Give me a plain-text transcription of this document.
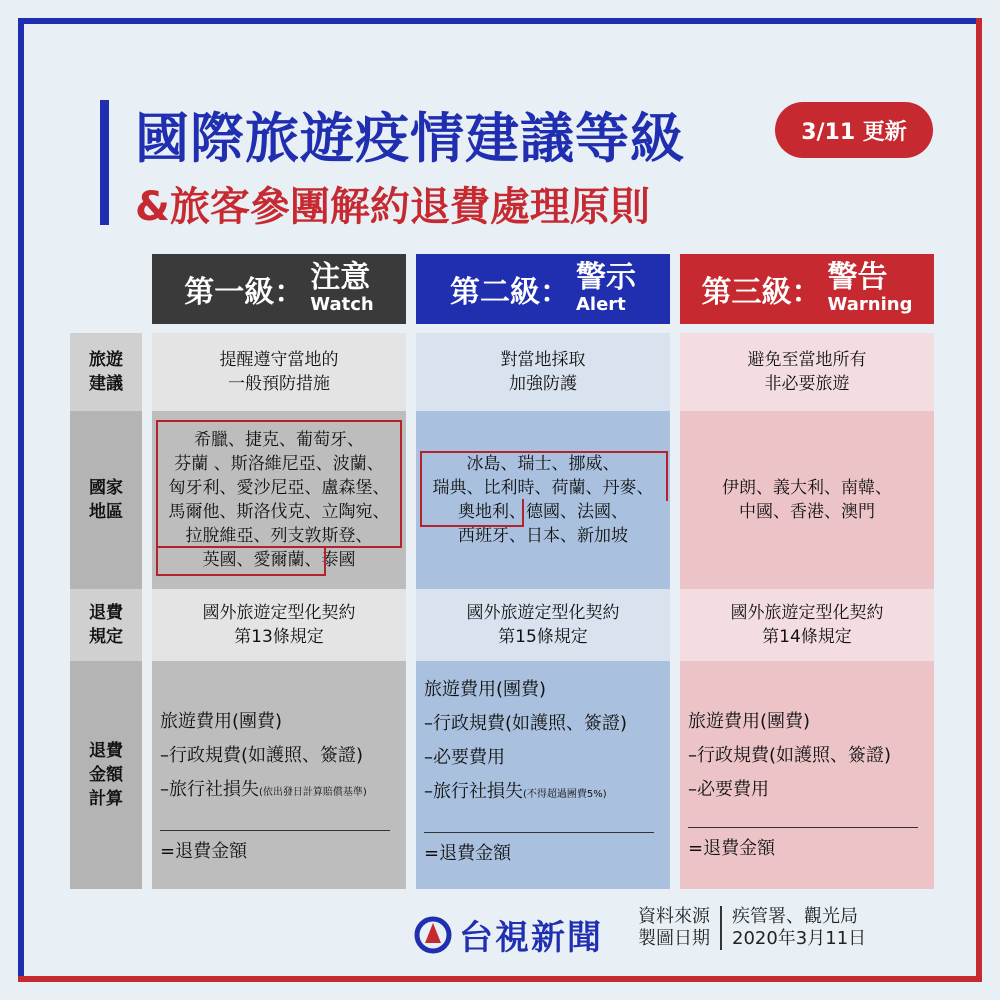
國際旅遊疫情建議等級
&旅客參團解約退費處理原則
3/11 更新
第一級： 注意
Watch	第二級： 警示
Alert	第三級： 警告
Warning
旅遊
建議
國家
地區
退費
規定
退費
金額
計算
提醒遵守當地的
一般預防措施
對當地採取
加強防護
避免至當地所有
非必要旅遊
希臘、捷克、葡萄牙、
芬蘭 、斯洛維尼亞、波蘭、
匈牙利、愛沙尼亞、盧森堡、
馬爾他、斯洛伐克、立陶宛、
拉脫維亞、列支敦斯登、
英國、愛爾蘭、泰國
冰島、瑞士、挪威、
瑞典、比利時、荷蘭、丹麥、
奧地利、德國、法國、
西班牙、日本、新加坡
伊朗、義大利、南韓、
中國、香港、澳門
國外旅遊定型化契約
第13條規定
國外旅遊定型化契約
第15條規定
國外旅遊定型化契約
第14條規定
旅遊費用(團費)
–行政規費(如護照、簽證)
–旅行社損失(依出發日計算賠償基準)
=退費金額
旅遊費用(團費)
–行政規費(如護照、簽證)
–必要費用
–旅行社損失(不得超過團費5%)
=退費金額
旅遊費用(團費)
–行政規費(如護照、簽證)
–必要費用
=退費金額
台視新聞
資料來源
製圖日期
疾管署、觀光局
2020年3月11日
